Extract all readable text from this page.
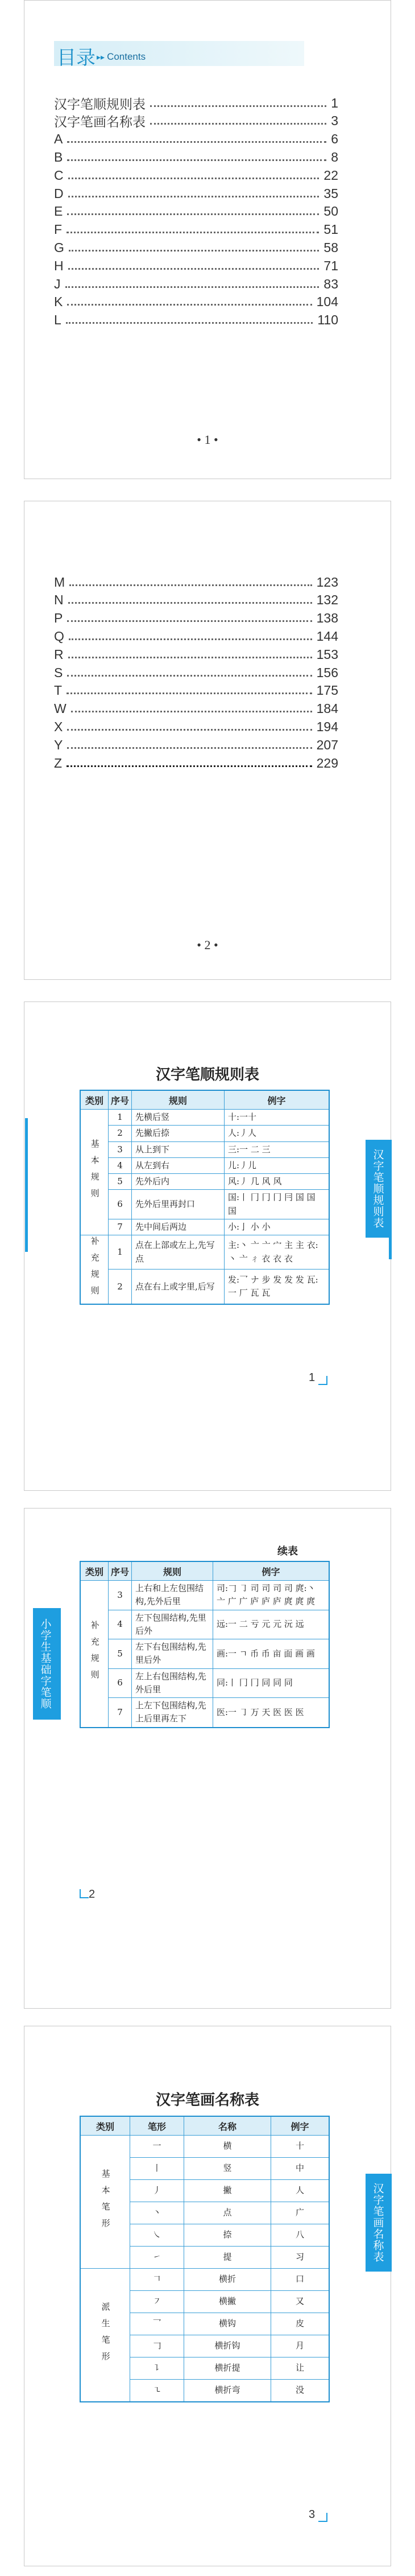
目录 ▸▸ Contents
汉字笔顺规则表	1
汉字笔画名称表	3
A	6
B	8
C	22
D	35
E	50
F	51
G	58
H	71
J	83
K	104
L	110
• 1 •
M	123
N	132
P	138
Q	144
R	153
S	156
T	175
W	184
X	194
Y	207
Z	229
• 2 •
汉字笔顺规则表
汉字笔顺规则表
类别	序号	规则	例字

基本规则	1	先横后竖	十:一十
	2	先撇后捺	人:丿人
	3	从上到下	三:一 二 三
	4	从左到右	儿:丿儿
	5	先外后内	风:丿 几 风 风
	6	先外后里再封口	国:丨 冂 冂 冂 冃 国 国 国
	7	先中间后两边	小:亅 小 小

补充规则	1	点在上部或左上,先写点	主:丶 亠 亠 宀 主 主 衣:丶 亠 ㄔ 衣 衣 衣
	2	点在右上或字里,后写	发:乛 ナ 步 发 发 发 瓦:一 厂 瓦 瓦
1
续表
小学生基础字笔顺
类别	序号	规则	例字

补充规则	3	上右和上左包围结构,先外后里	司:𠃌 ㇆ 司 司 司 司 庹:丶 亠 广 广 庐 庐 庐 庹 庹 庹
	4	左下包围结构,先里后外	远:一 二 亏 元 元 沅 远
	5	左下右包围结构,先里后外	画:一 ㄱ 币 币 亩 面 画 画
	6	左上右包围结构,先外后里	同:丨 冂 冂 同 同 同
	7	上左下包围结构,先上后里再左下	医:一 ㇆ 万 天 医 医 医
2
汉字笔画名称表
汉字笔画名称表
类别	笔形	名称	例字

基本笔形	一	横	十
	丨	竖	中
	丿	撇	人
	丶	点	广
	㇏	捺	八
	㇀	提	习

派生笔形	𠃍	横折	口
	㇇	横撇	又
	乛	横钩	皮
	𠃌	横折钩	月
	㇊	横折提	让
	㇍	横折弯	没
3
